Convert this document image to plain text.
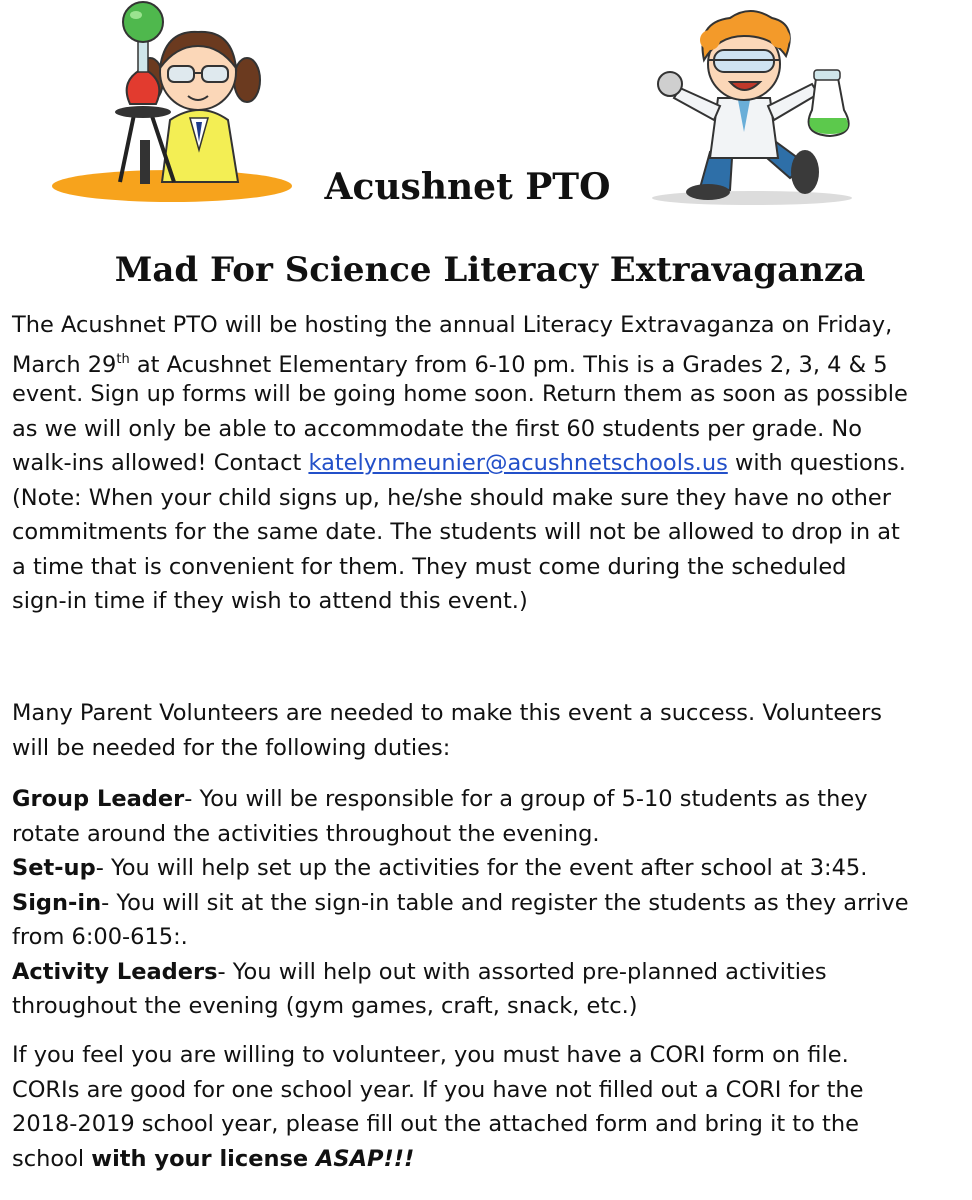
Acushnet PTO
Mad For Science Literacy Extravaganza
The Acushnet PTO will be hosting the annual Literacy Extravaganza on Friday,
March 29th at Acushnet Elementary from 6-10 pm. This is a Grades 2, 3, 4 & 5
event. Sign up forms will be going home soon. Return them as soon as possible
as we will only be able to accommodate the first 60 students per grade. No
walk-ins allowed! Contact katelynmeunier@acushnetschools.us with questions.
(Note: When your child signs up, he/she should make sure they have no other
commitments for the same date. The students will not be allowed to drop in at
a time that is convenient for them. They must come during the scheduled
sign-in time if they wish to attend this event.)
Many Parent Volunteers are needed to make this event a success. Volunteers
will be needed for the following duties:
Group Leader- You will be responsible for a group of 5-10 students as they
rotate around the activities throughout the evening.
Set-up- You will help set up the activities for the event after school at 3:45.
Sign-in- You will sit at the sign-in table and register the students as they arrive
from 6:00-615:.
Activity Leaders- You will help out with assorted pre-planned activities
throughout the evening (gym games, craft, snack, etc.)
If you feel you are willing to volunteer, you must have a CORI form on file.
CORIs are good for one school year. If you have not filled out a CORI for the
2018-2019 school year, please fill out the attached form and bring it to the
school with your license ASAP!!!
